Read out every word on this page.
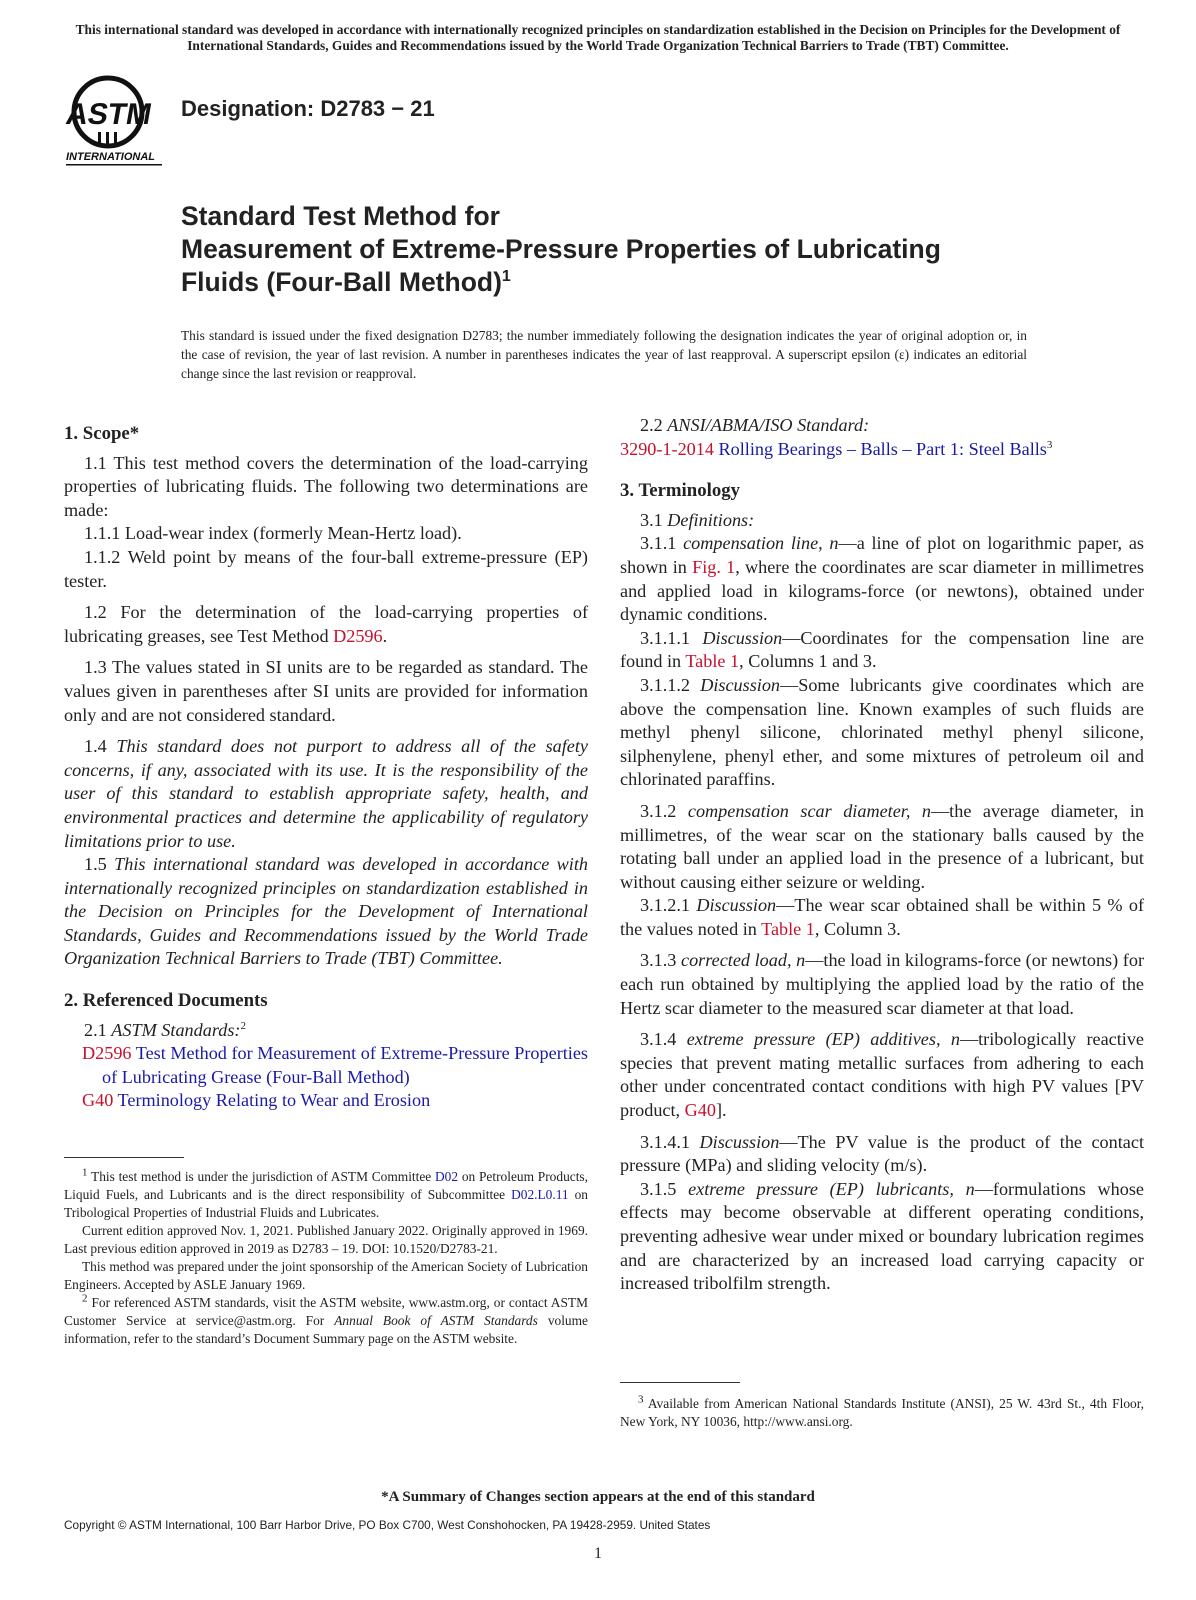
This international standard was developed in accordance with internationally recognized principles on standardization established in the Decision on Principles for the Development of International Standards, Guides and Recommendations issued by the World Trade Organization Technical Barriers to Trade (TBT) Committee.
ASTM
INTERNATIONAL
Designation: D2783 − 21
Standard Test Method for
Measurement of Extreme-Pressure Properties of Lubricating
Fluids (Four-Ball Method)$^1$
This standard is issued under the fixed designation D2783; the number immediately following the designation indicates the year of original adoption or, in the case of revision, the year of last revision. A number in parentheses indicates the year of last reapproval. A superscript epsilon (ε) indicates an editorial change since the last revision or reapproval.
1. Scope*

1.1 This test method covers the determination of the load-carrying properties of lubricating fluids. The following two determinations are made:

1.1.1 Load-wear index (formerly Mean-Hertz load).

1.1.2 Weld point by means of the four-ball extreme-pressure (EP) tester.

1.2 For the determination of the load-carrying properties of lubricating greases, see Test Method D2596.

1.3 The values stated in SI units are to be regarded as standard. The values given in parentheses after SI units are provided for information only and are not considered standard.

1.4 This standard does not purport to address all of the safety concerns, if any, associated with its use. It is the responsibility of the user of this standard to establish appropriate safety, health, and environmental practices and determine the applicability of regulatory limitations prior to use.

1.5 This international standard was developed in accordance with internationally recognized principles on standardization established in the Decision on Principles for the Development of International Standards, Guides and Recommendations issued by the World Trade Organization Technical Barriers to Trade (TBT) Committee.

2. Referenced Documents

2.1 ASTM Standards:$^2$

D2596 Test Method for Measurement of Extreme-Pressure Properties of Lubricating Grease (Four-Ball Method)

G40 Terminology Relating to Wear and Erosion

$^1$ This test method is under the jurisdiction of ASTM Committee D02 on Petroleum Products, Liquid Fuels, and Lubricants and is the direct responsibility of Subcommittee D02.L0.11 on Tribological Properties of Industrial Fluids and Lubricates.

Current edition approved Nov. 1, 2021. Published January 2022. Originally approved in 1969. Last previous edition approved in 2019 as D2783 – 19. DOI: 10.1520/D2783-21.

This method was prepared under the joint sponsorship of the American Society of Lubrication Engineers. Accepted by ASLE January 1969.

$^2$ For referenced ASTM standards, visit the ASTM website, www.astm.org, or contact ASTM Customer Service at service@astm.org. For Annual Book of ASTM Standards volume information, refer to the standard’s Document Summary page on the ASTM website.

2.2 ANSI/ABMA/ISO Standard:

3290-1-2014 Rolling Bearings – Balls – Part 1: Steel Balls$^3$

3. Terminology

3.1 Definitions:

3.1.1 compensation line, n—a line of plot on logarithmic paper, as shown in Fig. 1, where the coordinates are scar diameter in millimetres and applied load in kilograms-force (or newtons), obtained under dynamic conditions.

3.1.1.1 Discussion—Coordinates for the compensation line are found in Table 1, Columns 1 and 3.

3.1.1.2 Discussion—Some lubricants give coordinates which are above the compensation line. Known examples of such fluids are methyl phenyl silicone, chlorinated methyl phenyl silicone, silphenylene, phenyl ether, and some mixtures of petroleum oil and chlorinated paraffins.

3.1.2 compensation scar diameter, n—the average diameter, in millimetres, of the wear scar on the stationary balls caused by the rotating ball under an applied load in the presence of a lubricant, but without causing either seizure or welding.

3.1.2.1 Discussion—The wear scar obtained shall be within 5 % of the values noted in Table 1, Column 3.

3.1.3 corrected load, n—the load in kilograms-force (or newtons) for each run obtained by multiplying the applied load by the ratio of the Hertz scar diameter to the measured scar diameter at that load.

3.1.4 extreme pressure (EP) additives, n—tribologically reactive species that prevent mating metallic surfaces from adhering to each other under concentrated contact conditions with high PV values [PV product, G40].

3.1.4.1 Discussion—The PV value is the product of the contact pressure (MPa) and sliding velocity (m/s).

3.1.5 extreme pressure (EP) lubricants, n—formulations whose effects may become observable at different operating conditions, preventing adhesive wear under mixed or boundary lubrication regimes and are characterized by an increased load carrying capacity or increased tribolfilm strength.

$^3$ Available from American National Standards Institute (ANSI), 25 W. 43rd St., 4th Floor, New York, NY 10036, http://www.ansi.org.

*A Summary of Changes section appears at the end of this standard
Copyright © ASTM International, 100 Barr Harbor Drive, PO Box C700, West Conshohocken, PA 19428-2959. United States
1
